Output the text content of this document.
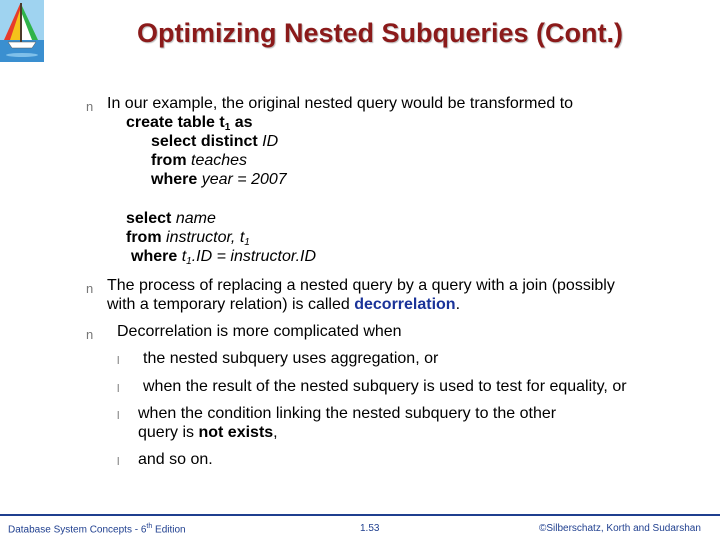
Optimizing Nested Subqueries (Cont.)
n In our example, the original nested query would be transformed to
create table $t_1$ as
select distinct ID
from teaches
where year = 2007
select name
from instructor, $t_1$
where $t_1.ID$ = instructor.ID
n The process of replacing a nested query by a query with a join (possibly
with a temporary relation) is called decorrelation.
n Decorrelation is more complicated when
l the nested subquery uses aggregation, or
l when the result of the nested subquery is used to test for equality, or
l when the condition linking the nested subquery to the other
query is not exists,
l and so on.
Database System Concepts - 6th Edition	1.53	©Silberschatz, Korth and Sudarshan
